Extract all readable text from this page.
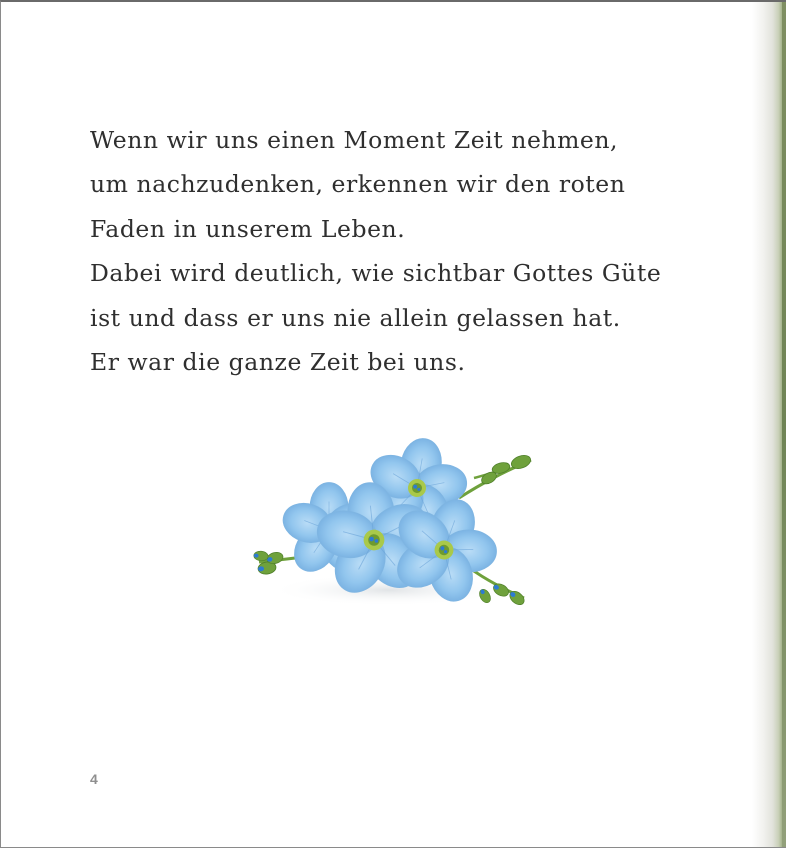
Wenn wir uns einen Moment Zeit nehmen,
um nachzudenken, erkennen wir den roten
Faden in unserem Leben.
Dabei wird deutlich, wie sichtbar Gottes Güte
ist und dass er uns nie allein gelassen hat.
Er war die ganze Zeit bei uns.

4
